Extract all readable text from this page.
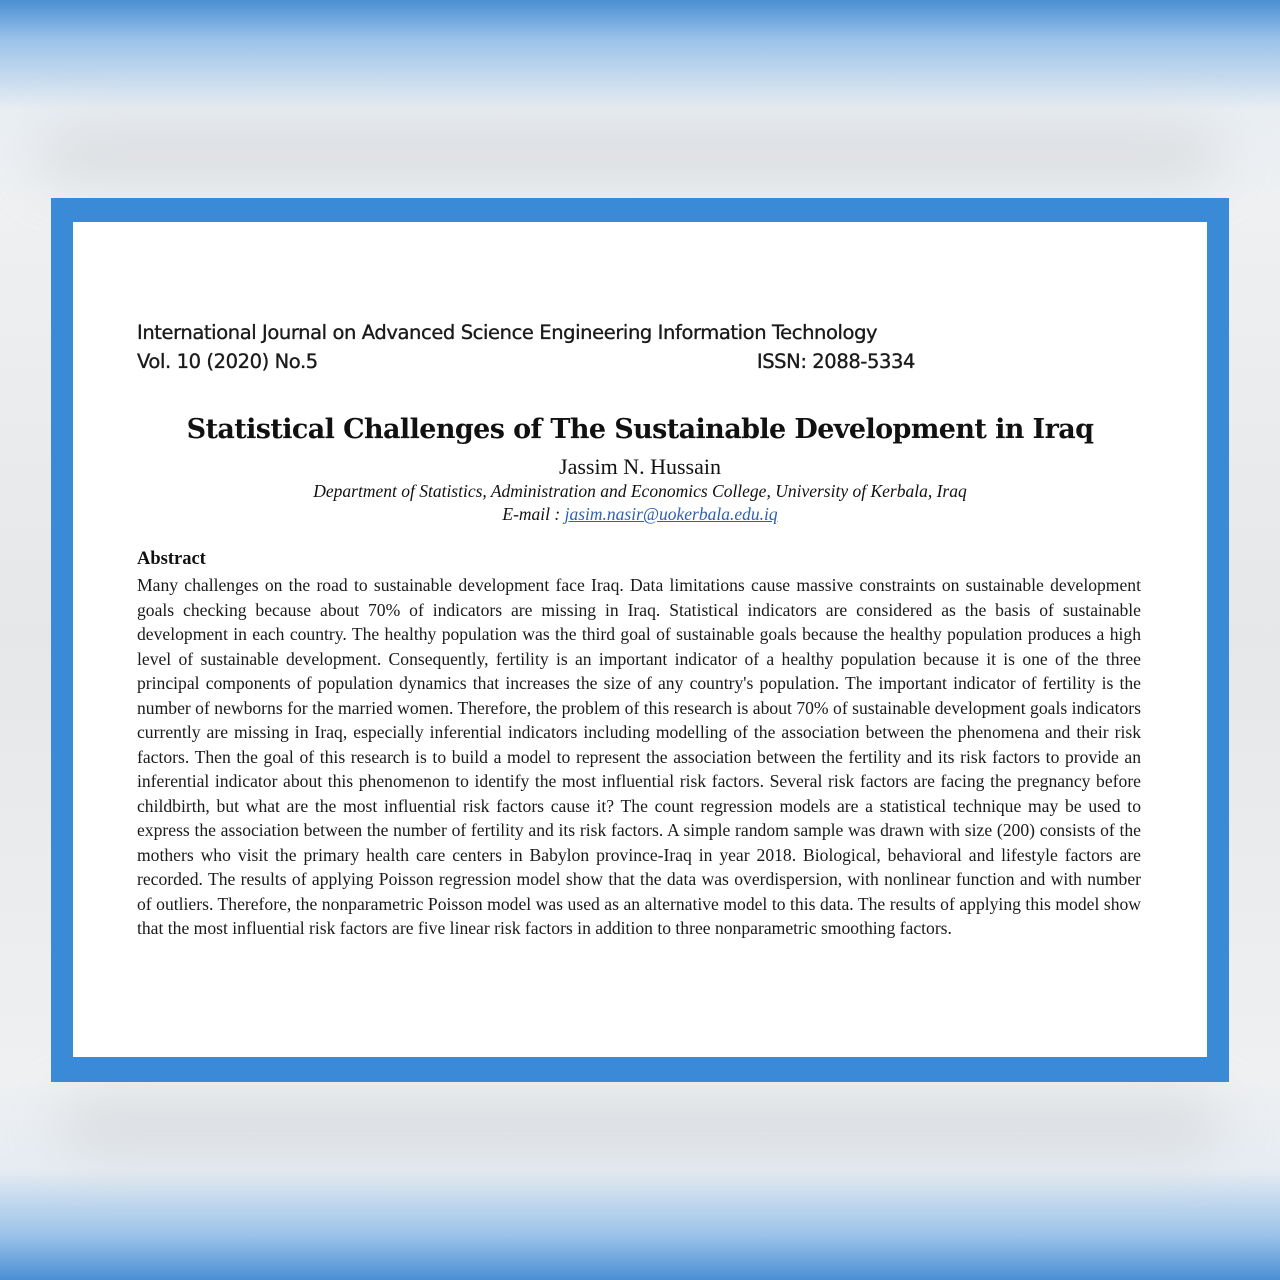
International Journal on Advanced Science Engineering Information Technology
Vol. 10 (2020) No.5	ISSN: 2088-5334
Statistical Challenges of The Sustainable Development in Iraq
Jassim N. Hussain
Department of Statistics, Administration and Economics College, University of Kerbala, Iraq
E-mail : jasim.nasir@uokerbala.edu.iq
Abstract

Many challenges on the road to sustainable development face Iraq. Data limitations cause massive constraints on sustainable development goals checking because about 70% of indicators are missing in Iraq. Statistical indicators are considered as the basis of sustainable development in each country. The healthy population was the third goal of sustainable goals because the healthy population produces a high level of sustainable development. Consequently, fertility is an important indicator of a healthy population because it is one of the three principal components of population dynamics that increases the size of any country's population. The important indicator of fertility is the number of newborns for the married women. Therefore, the problem of this research is about 70% of sustainable development goals indicators currently are missing in Iraq, especially inferential indicators including modelling of the association between the phenomena and their risk factors. Then the goal of this research is to build a model to represent the association between the fertility and its risk factors to provide an inferential indicator about this phenomenon to identify the most influential risk factors. Several risk factors are facing the pregnancy before childbirth, but what are the most influential risk factors cause it? The count regression models are a statistical technique may be used to express the association between the number of fertility and its risk factors. A simple random sample was drawn with size (200) consists of the mothers who visit the primary health care centers in Babylon province-Iraq in year 2018. Biological, behavioral and lifestyle factors are recorded. The results of applying Poisson regression model show that the data was overdispersion, with nonlinear function and with number of outliers. Therefore, the nonparametric Poisson model was used as an alternative model to this data. The results of applying this model show that the most influential risk factors are five linear risk factors in addition to three nonparametric smoothing factors.
